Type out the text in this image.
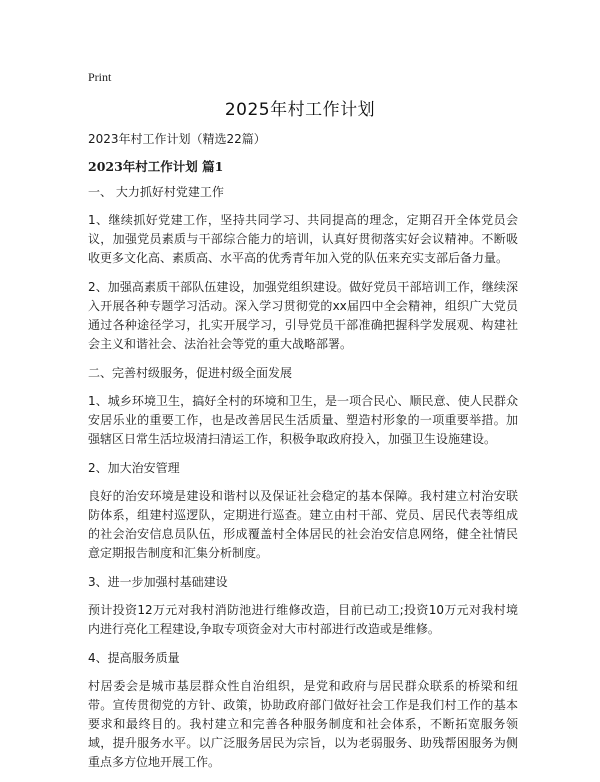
Print
2025年村工作计划

2023年村工作计划（精选22篇）

2023年村工作计划 篇1

一、 大力抓好村党建工作

1、继续抓好党建工作，坚持共同学习、共同提高的理念，定期召开全体党员会议，加强党员素质与干部综合能力的培训，认真好贯彻落实好会议精神。不断吸收更多文化高、素质高、水平高的优秀青年加入党的队伍来充实支部后备力量。

2、加强高素质干部队伍建设，加强党组织建设。做好党员干部培训工作，继续深入开展各种专题学习活动。深入学习贯彻党的xx届四中全会精神，组织广大党员通过各种途径学习，扎实开展学习，引导党员干部准确把握科学发展观、构建社会主义和谐社会、法治社会等党的重大战略部署。

二、完善村级服务，促进村级全面发展

1、城乡环境卫生，搞好全村的环境和卫生，是一项合民心、顺民意、使人民群众安居乐业的重要工作，也是改善居民生活质量、塑造村形象的一项重要举措。加强辖区日常生活垃圾清扫清运工作，积极争取政府投入，加强卫生设施建设。

2、加大治安管理

良好的治安环境是建设和谐村以及保证社会稳定的基本保障。我村建立村治安联防体系，组建村巡逻队，定期进行巡查。建立由村干部、党员、居民代表等组成的社会治安信息员队伍，形成覆盖村全体居民的社会治安信息网络，健全社情民意定期报告制度和汇集分析制度。

3、进一步加强村基础建设

预计投资12万元对我村消防池进行维修改造，目前已动工;投资10万元对我村境内进行亮化工程建设,争取专项资金对大市村部进行改造或是维修。

4、提高服务质量

村居委会是城市基层群众性自治组织，是党和政府与居民群众联系的桥梁和纽带。宣传贯彻党的方针、政策，协助政府部门做好社会工作是我们村工作的基本要求和最终目的。我村建立和完善各种服务制度和社会体系，不断拓宽服务领域，提升服务水平。以广泛服务居民为宗旨，以为老弱服务、助残帮困服务为侧重点多方位地开展工作。
